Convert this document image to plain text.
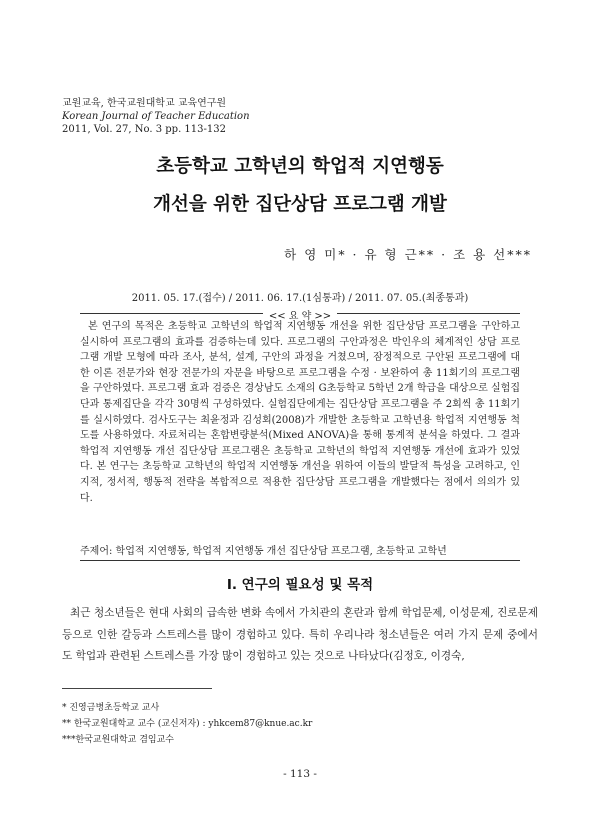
교원교육, 한국교원대학교 교육연구원
Korean Journal of Teacher Education
2011, Vol. 27, No. 3 pp. 113-132
초등학교 고학년의 학업적 지연행동
개선을 위한 집단상담 프로그램 개발
하 영 미* · 유 형 근** · 조 용 선***
2011. 05. 17.(접수) / 2011. 06. 17.(1심통과) / 2011. 07. 05.(최종통과)
<< 요 약 >>
본 연구의 목적은 초등학교 고학년의 학업적 지연행동 개선을 위한 집단상담 프로그램을 구안하고 실시하여 프로그램의 효과를 검증하는데 있다. 프로그램의 구안과정은 박인우의 체계적인 상담 프로그램 개발 모형에 따라 조사, 분석, 설계, 구안의 과정을 거쳤으며, 잠정적으로 구안된 프로그램에 대한 이론 전문가와 현장 전문가의 자문을 바탕으로 프로그램을 수정 · 보완하여 총 11회기의 프로그램을 구안하였다. 프로그램 효과 검증은 경상남도 소재의 G초등학교 5학년 2개 학급을 대상으로 실험집단과 통제집단을 각각 30명씩 구성하였다. 실험집단에게는 집단상담 프로그램을 주 2회씩 총 11회기를 실시하였다. 검사도구는 최윤정과 김성회(2008)가 개발한 초등학교 고학년용 학업적 지연행동 척도를 사용하였다. 자료처리는 혼합변량분석(Mixed ANOVA)을 통해 통계적 분석을 하였다. 그 결과 학업적 지연행동 개선 집단상담 프로그램은 초등학교 고학년의 학업적 지연행동 개선에 효과가 있었다. 본 연구는 초등학교 고학년의 학업적 지연행동 개선을 위하여 이들의 발달적 특성을 고려하고, 인지적, 정서적, 행동적 전략을 복합적으로 적용한 집단상담 프로그램을 개발했다는 점에서 의의가 있다.
주제어: 학업적 지연행동, 학업적 지연행동 개선 집단상담 프로그램, 초등학교 고학년
Ⅰ. 연구의 필요성 및 목적
최근 청소년들은 현대 사회의 급속한 변화 속에서 가치관의 혼란과 함께 학업문제, 이성문제, 진로문제 등으로 인한 갈등과 스트레스를 많이 경험하고 있다. 특히 우리나라 청소년들은 여러 가지 문제 중에서도 학업과 관련된 스트레스를 가장 많이 경험하고 있는 것으로 나타났다(김정호, 이경숙,
* 진영금병초등학교 교사
** 한국교원대학교 교수 (교신저자) : yhkcem87@knue.ac.kr
***한국교원대학교 겸임교수
- 113 -
